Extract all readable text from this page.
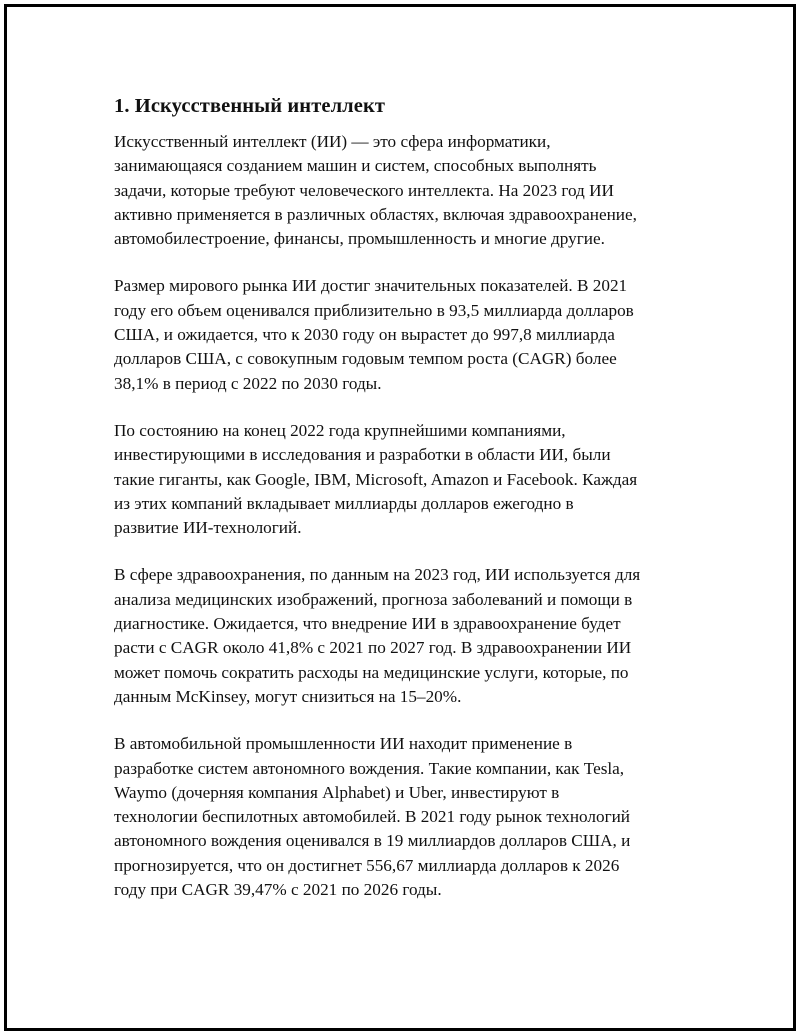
1. Искусственный интеллект

Искусственный интеллект (ИИ) — это сфера информатики,
занимающаяся созданием машин и систем, способных выполнять
задачи, которые требуют человеческого интеллекта. На 2023 год ИИ
активно применяется в различных областях, включая здравоохранение,
автомобилестроение, финансы, промышленность и многие другие.

Размер мирового рынка ИИ достиг значительных показателей. В 2021
году его объем оценивался приблизительно в 93,5 миллиарда долларов
США, и ожидается, что к 2030 году он вырастет до 997,8 миллиарда
долларов США, с совокупным годовым темпом роста (CAGR) более
38,1% в период с 2022 по 2030 годы.

По состоянию на конец 2022 года крупнейшими компаниями,
инвестирующими в исследования и разработки в области ИИ, были
такие гиганты, как Google, IBM, Microsoft, Amazon и Facebook. Каждая
из этих компаний вкладывает миллиарды долларов ежегодно в
развитие ИИ-технологий.

В сфере здравоохранения, по данным на 2023 год, ИИ используется для
анализа медицинских изображений, прогноза заболеваний и помощи в
диагностике. Ожидается, что внедрение ИИ в здравоохранение будет
расти с CAGR около 41,8% с 2021 по 2027 год. В здравоохранении ИИ
может помочь сократить расходы на медицинские услуги, которые, по
данным McKinsey, могут снизиться на 15–20%.

В автомобильной промышленности ИИ находит применение в
разработке систем автономного вождения. Такие компании, как Tesla,
Waymo (дочерняя компания Alphabet) и Uber, инвестируют в
технологии беспилотных автомобилей. В 2021 году рынок технологий
автономного вождения оценивался в 19 миллиардов долларов США, и
прогнозируется, что он достигнет 556,67 миллиарда долларов к 2026
году при CAGR 39,47% с 2021 по 2026 годы.
